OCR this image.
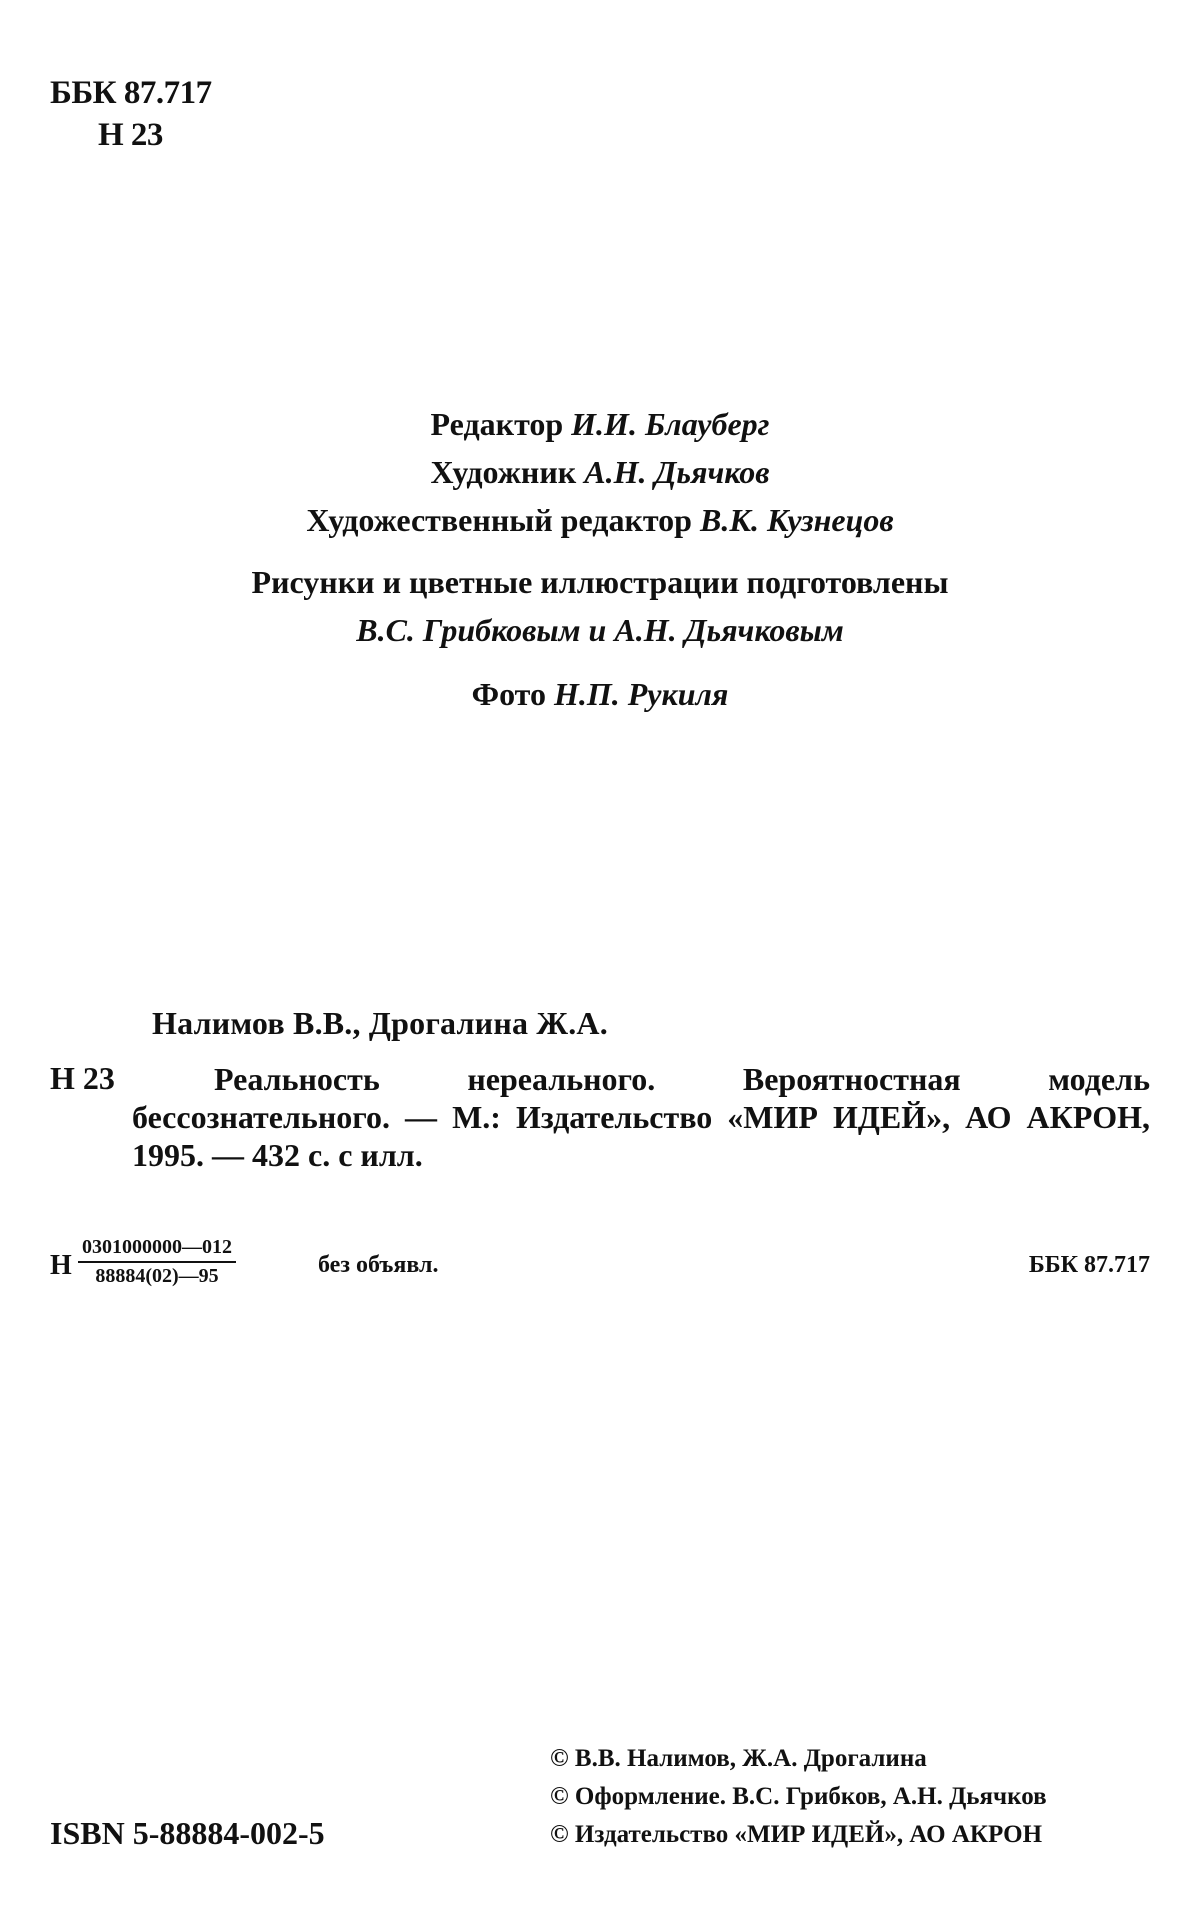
ББК 87.717
Н 23
Редактор И.И. Блауберг
Художник А.Н. Дьячков
Художественный редактор В.К. Кузнецов
Рисунки и цветные иллюстрации подготовлены
В.С. Грибковым и А.Н. Дьячковым
Фото Н.П. Рукиля
Налимов В.В., Дрогалина Ж.А.
Н 23	Реальность нереального. Вероятностная модель бессознательного. — М.: Издательство «МИР ИДЕЙ», АО АКРОН, 1995. — 432 с. с илл.
Н $\frac{0301000000—012}{88884(02)—95}$	без объявл.	ББК 87.717
© В.В. Налимов, Ж.А. Дрогалина
© Оформление. В.С. Грибков, А.Н. Дьячков
© Издательство «МИР ИДЕЙ», АО АКРОН
ISBN 5-88884-002-5
